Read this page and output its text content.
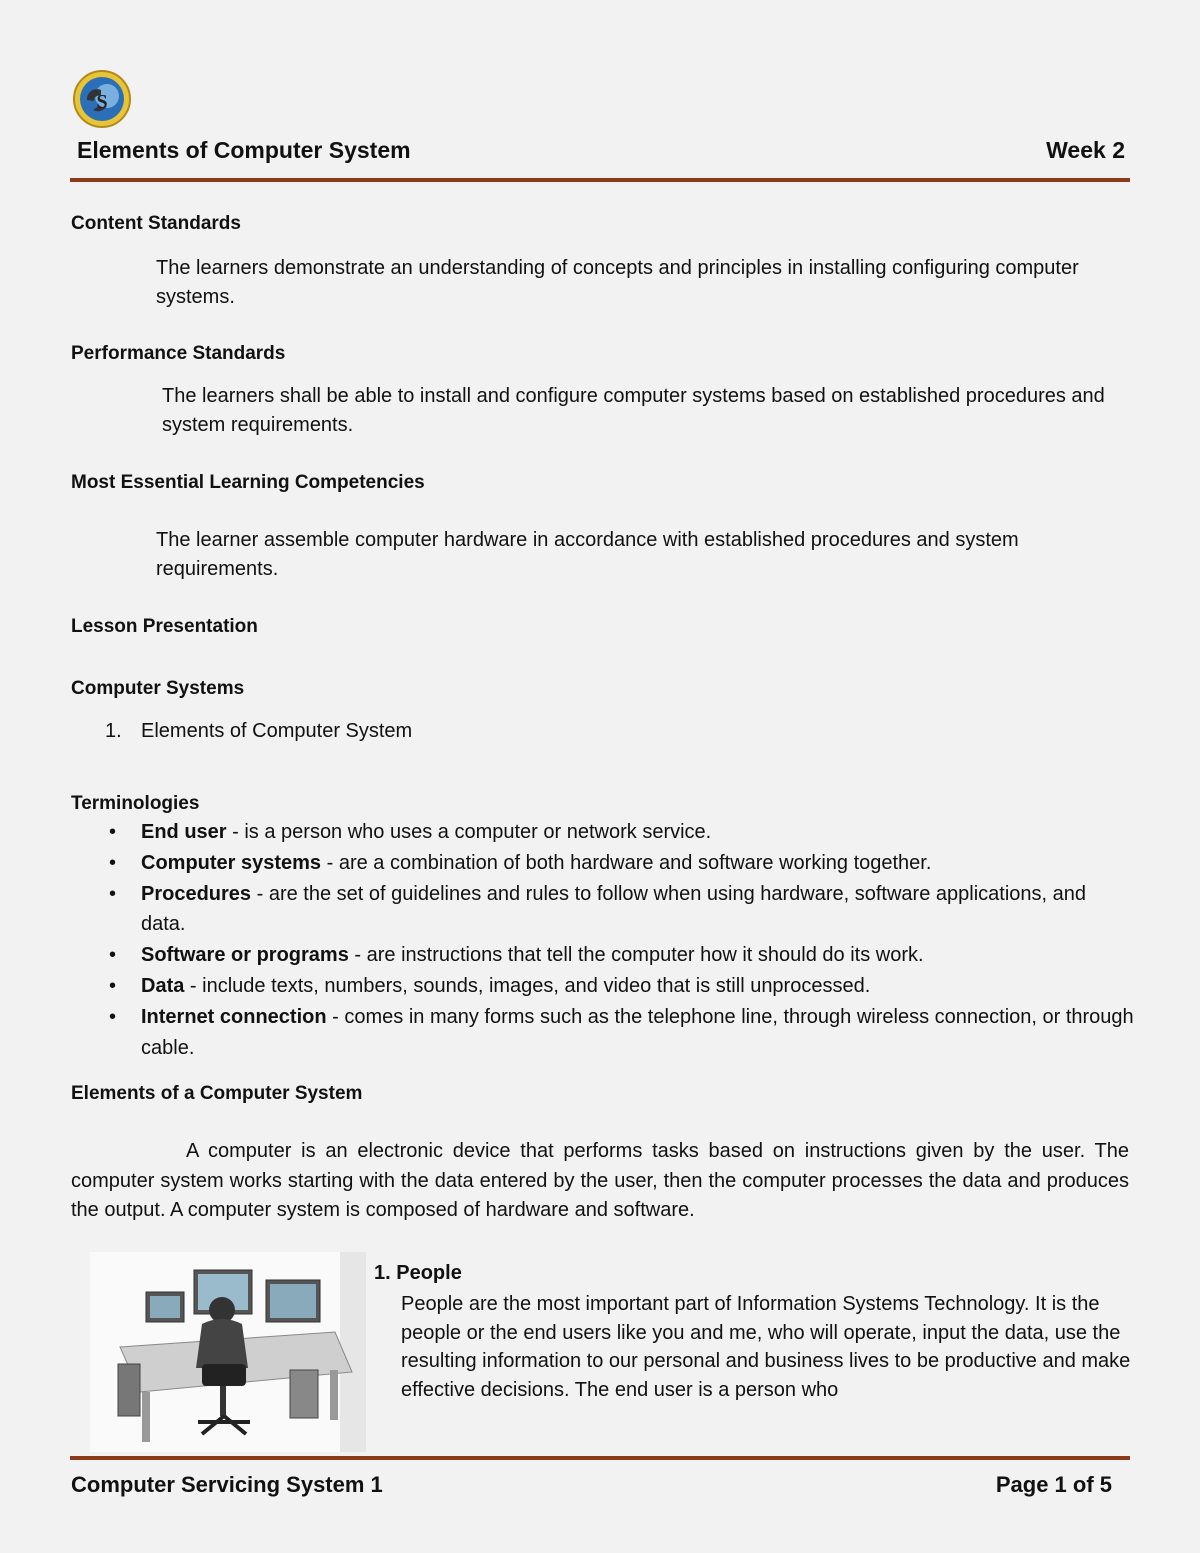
S
Elements of Computer System	Week 2
Content Standards
The learners demonstrate an understanding of concepts and principles in installing configuring computer systems.
Performance Standards
The learners shall be able to install and configure computer systems based on established procedures and system requirements.
Most Essential Learning Competencies
The learner assemble computer hardware in accordance with established procedures and system requirements.
Lesson Presentation
Computer Systems
1. Elements of Computer System
Terminologies
• End user - is a person who uses a computer or network service.
• Computer systems - are a combination of both hardware and software working together.
• Procedures - are the set of guidelines and rules to follow when using hardware, software applications, and data.
• Software or programs - are instructions that tell the computer how it should do its work.
• Data - include texts, numbers, sounds, images, and video that is still unprocessed.
• Internet connection - comes in many forms such as the telephone line, through wireless connection, or through cable.
Elements of a Computer System
A computer is an electronic device that performs tasks based on instructions given by the user. The computer system works starting with the data entered by the user, then the computer processes the data and produces the output. A computer system is composed of hardware and software.
1. People
People are the most important part of Information Systems Technology. It is the people or the end users like you and me, who will operate, input the data, use the resulting information to our personal and business lives to be productive and make effective decisions. The end user is a person who
Computer Servicing System 1	Page 1 of 5
